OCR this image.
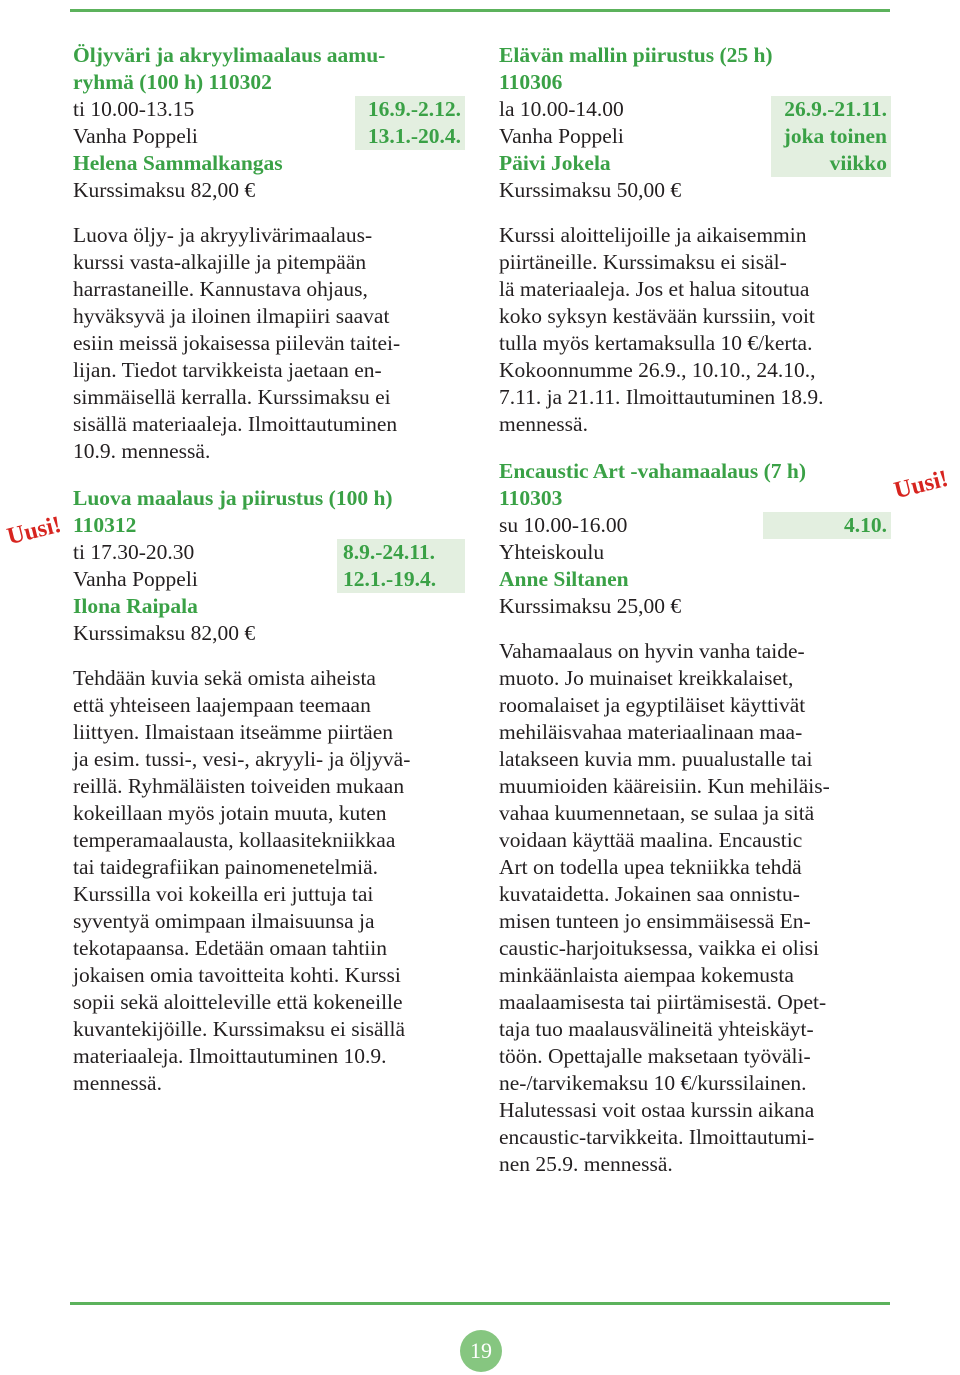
Öljyväri ja akryylimaalaus aamu-
ryhmä (100 h) 110302
ti 10.00-13.15	16.9.-2.12.
Vanha Poppeli	13.1.-20.4.
Helena Sammalkangas
Kurssimaksu 82,00 €
Luova öljy- ja akryylivärimaalaus-
kurssi vasta-alkajille ja pitempään
harrastaneille. Kannustava ohjaus,
hyväksyvä ja iloinen ilmapiiri saavat
esiin meissä jokaisessa piilevän taitei-
lijan. Tiedot tarvikkeista jaetaan en-
simmäisellä kerralla. Kurssimaksu ei
sisällä materiaaleja. Ilmoittautuminen
10.9. mennessä.
Luova maalaus ja piirustus (100 h)
110312
ti 17.30-20.30	8.9.-24.11.
Vanha Poppeli	12.1.-19.4.
Ilona Raipala
Kurssimaksu 82,00 €
Tehdään kuvia sekä omista aiheista
että yhteiseen laajempaan teemaan
liittyen. Ilmaistaan itseämme piirtäen
ja esim. tussi-, vesi-, akryyli- ja öljyvä-
reillä. Ryhmäläisten toiveiden mukaan
kokeillaan myös jotain muuta, kuten
temperamaalausta, kollaasitekniikkaa
tai taidegrafiikan painomenetelmiä.
Kurssilla voi kokeilla eri juttuja tai
syventyä omimpaan ilmaisuunsa ja
tekotapaansa. Edetään omaan tahtiin
jokaisen omia tavoitteita kohti. Kurssi
sopii sekä aloitteleville että kokeneille
kuvantekijöille. Kurssimaksu ei sisällä
materiaaleja. Ilmoittautuminen 10.9.
mennessä.
Elävän mallin piirustus (25 h)
110306
la 10.00-14.00	26.9.-21.11.
Vanha Poppeli	joka toinen
Päivi Jokela	viikko
Kurssimaksu 50,00 €
Kurssi aloittelijoille ja aikaisemmin
piirtäneille. Kurssimaksu ei sisäl-
lä materiaaleja. Jos et halua sitoutua
koko syksyn kestävään kurssiin, voit
tulla myös kertamaksulla 10 €/kerta.
Kokoonnumme 26.9., 10.10., 24.10.,
7.11. ja 21.11. Ilmoittautuminen 18.9.
mennessä.
Encaustic Art -vahamaalaus (7 h)
110303
su 10.00-16.00	4.10.
Yhteiskoulu
Anne Siltanen
Kurssimaksu 25,00 €
Vahamaalaus on hyvin vanha taide-
muoto. Jo muinaiset kreikkalaiset,
roomalaiset ja egyptiläiset käyttivät
mehiläisvahaa materiaalinaan maa-
latakseen kuvia mm. puualustalle tai
muumioiden kääreisiin. Kun mehiläis-
vahaa kuumennetaan, se sulaa ja sitä
voidaan käyttää maalina. Encaustic
Art on todella upea tekniikka tehdä
kuvataidetta. Jokainen saa onnistu-
misen tunteen jo ensimmäisessä En-
caustic-harjoituksessa, vaikka ei olisi
minkäänlaista aiempaa kokemusta
maalaamisesta tai piirtämisestä. Opet-
taja tuo maalausvälineitä yhteiskäyt-
töön. Opettajalle maksetaan työväli-
ne-/tarvikemaksu 10 €/kurssilainen.
Halutessasi voit ostaa kurssin aikana
encaustic-tarvikkeita. Ilmoittautumi-
nen 25.9. mennessä.
Uusi!
Uusi!
19
